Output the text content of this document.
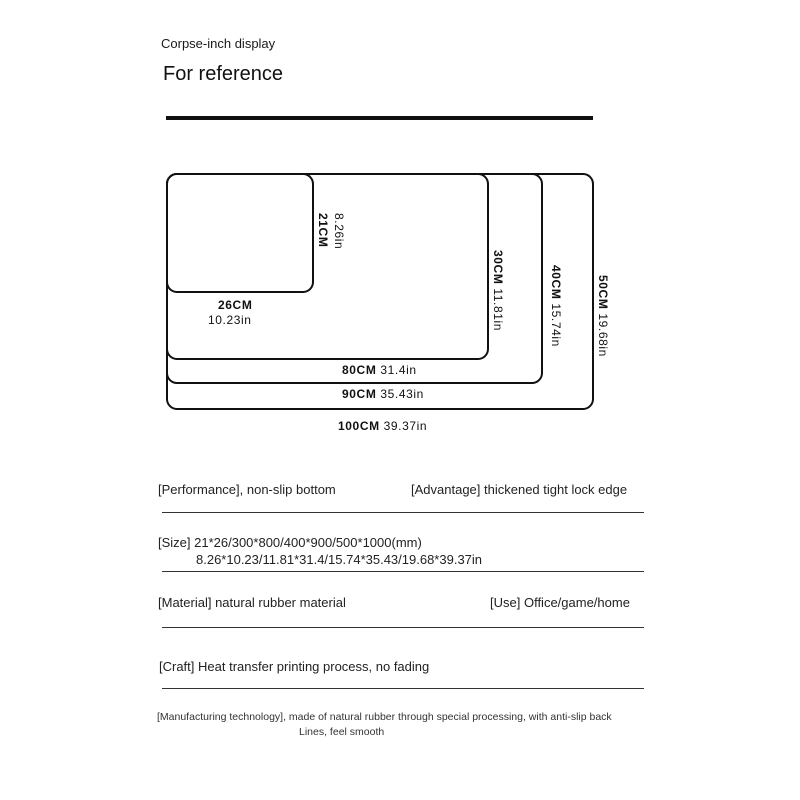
Corpse-inch display
For reference
26CM
10.23in
80CM 31.4in
90CM 35.43in
100CM 39.37in
21CM 8.26in
30CM 11.81in
40CM 15.74in
50CM 19.68in
[Performance], non-slip bottom	[Advantage] thickened tight lock edge
[Size] 21*26/300*800/400*900/500*1000(mm)
8.26*10.23/11.81*31.4/15.74*35.43/19.68*39.37in
[Material] natural rubber material	[Use] Office/game/home
[Craft] Heat transfer printing process, no fading
[Manufacturing technology], made of natural rubber through special processing, with anti-slip back
Lines, feel smooth
